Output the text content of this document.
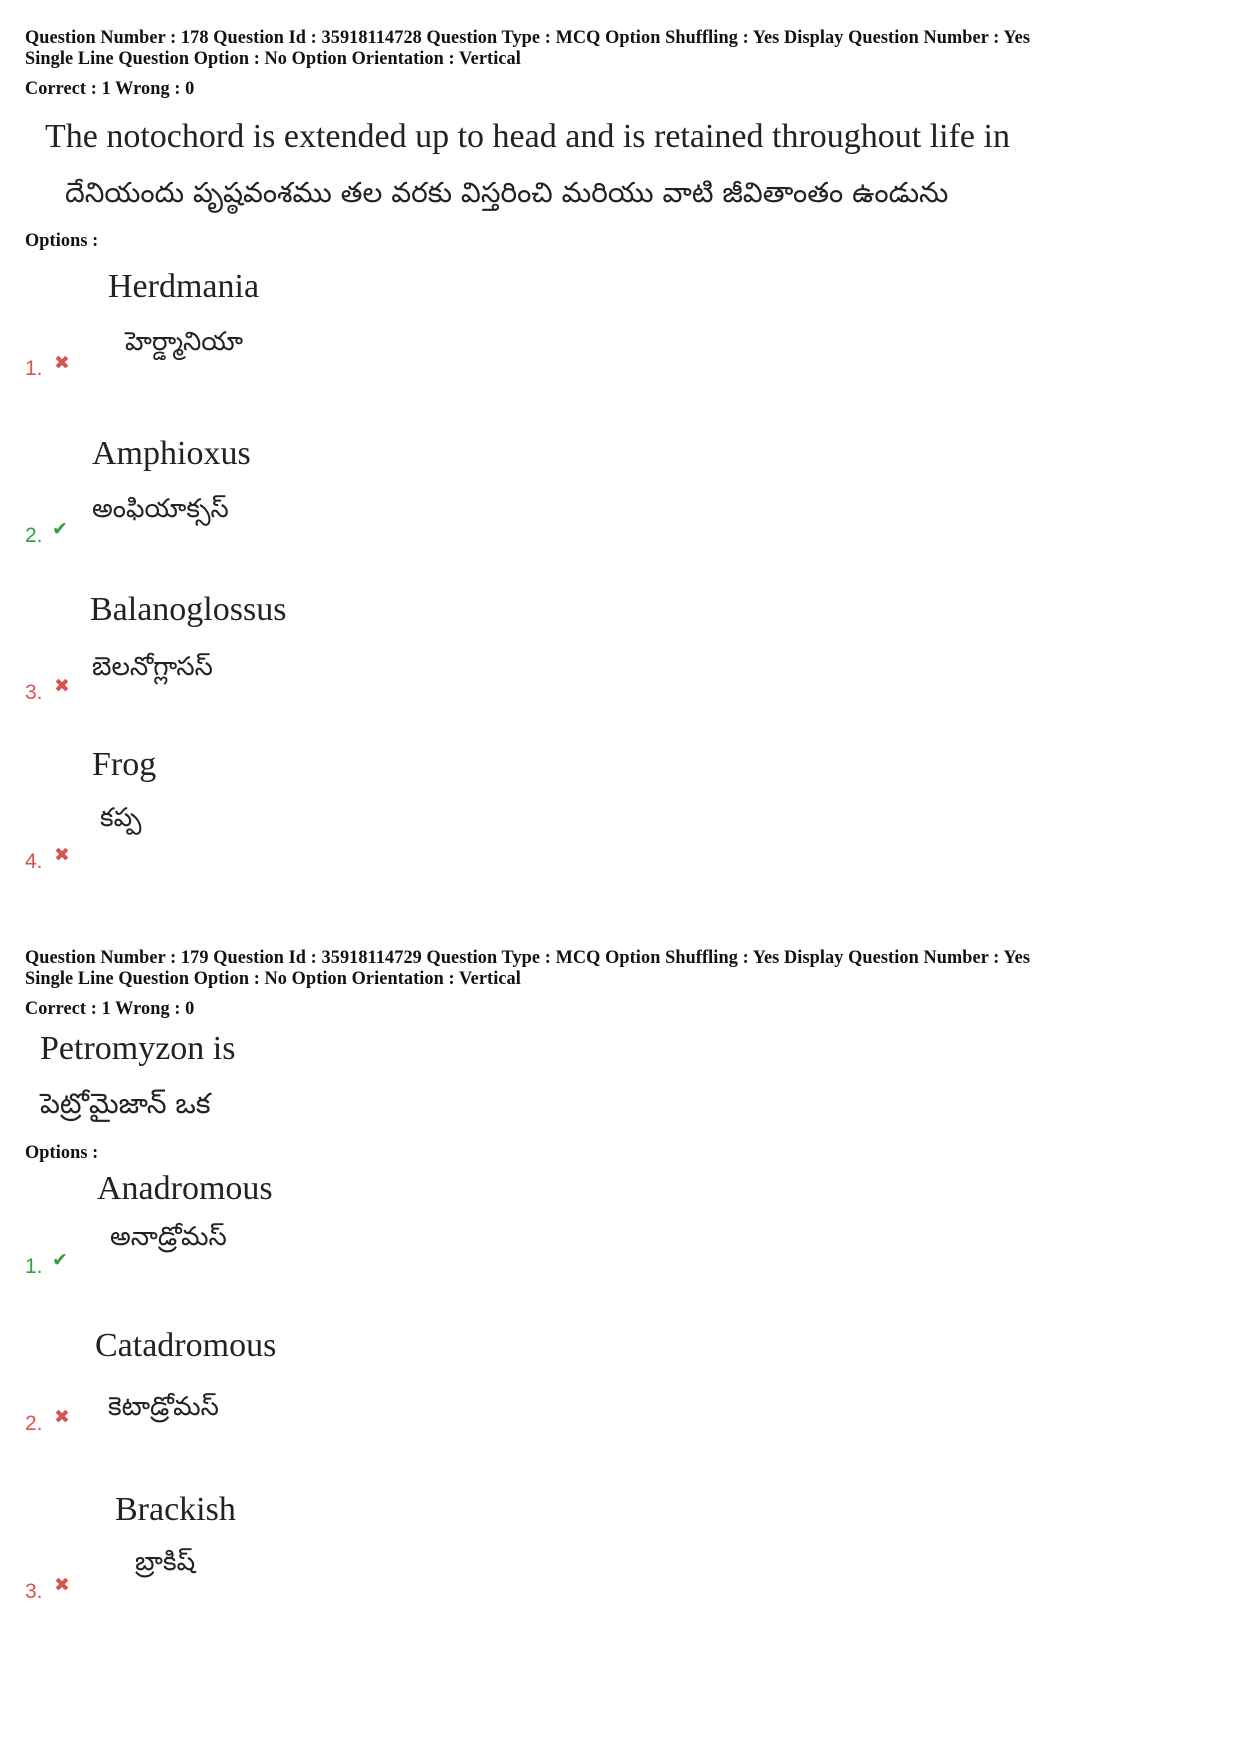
Question Number : 178 Question Id : 35918114728 Question Type : MCQ Option Shuffling : Yes Display Question Number : Yes
Single Line Question Option : No Option Orientation : Vertical
Correct : 1 Wrong : 0
The notochord is extended up to head and is retained throughout life in
దేనియందు పృష్ఠవంశము తల వరకు విస్తరించి మరియు వాటి జీవితాంతం ఉండును
Options :
Herdmania
హెర్డ్మానియా
1. ✖
Amphioxus
అంఫియాక్సస్
2. ✔
Balanoglossus
బెలనోగ్లాసస్
3. ✖
Frog
కప్ప
4. ✖
Question Number : 179 Question Id : 35918114729 Question Type : MCQ Option Shuffling : Yes Display Question Number : Yes
Single Line Question Option : No Option Orientation : Vertical
Correct : 1 Wrong : 0
Petromyzon is
పెట్రోమైజాన్ ఒక
Options :
Anadromous
అనాడ్రోమస్
1. ✔
Catadromous
కెటాడ్రోమస్
2. ✖
Brackish
బ్రాకిష్
3. ✖
